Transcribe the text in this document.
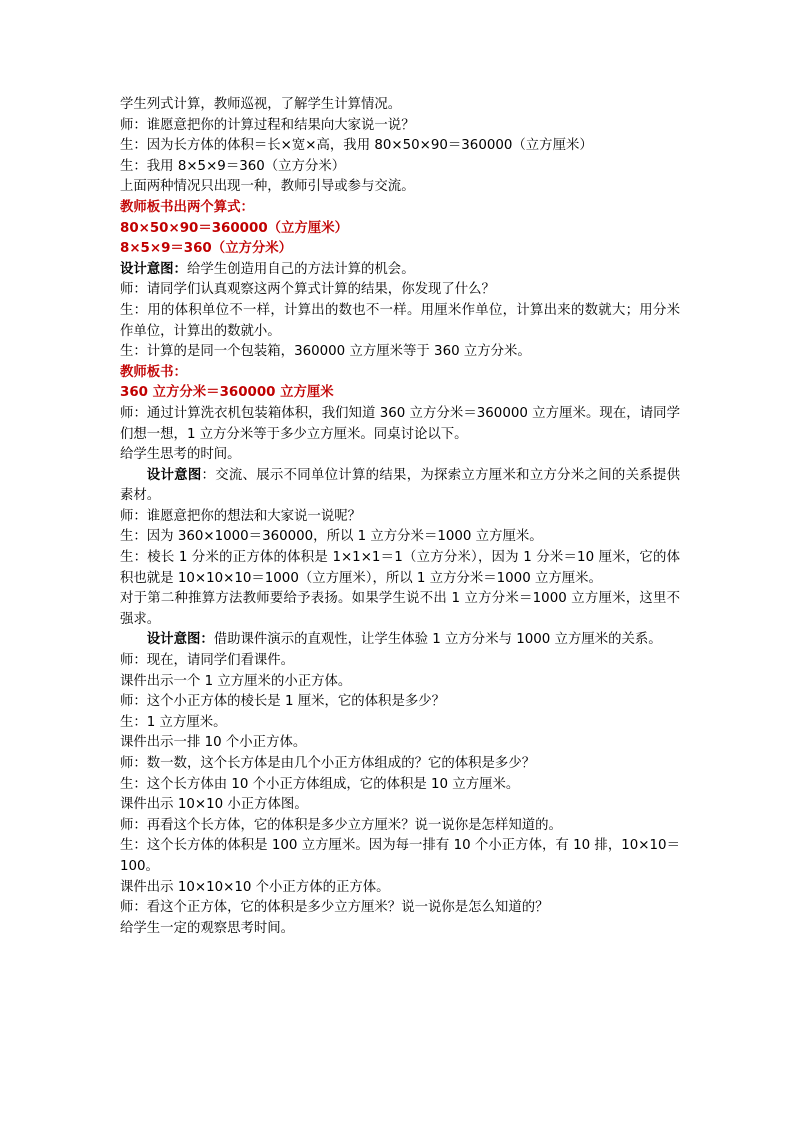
学生列式计算，教师巡视，了解学生计算情况。

师：谁愿意把你的计算过程和结果向大家说一说？

生：因为长方体的体积＝长×宽×高，我用 80×50×90＝360000（立方厘米）

生：我用 8×5×9＝360（立方分米）

上面两种情况只出现一种，教师引导或参与交流。

教师板书出两个算式：

80×50×90＝360000（立方厘米）

8×5×9＝360（立方分米）

设计意图：给学生创造用自己的方法计算的机会。

师：请同学们认真观察这两个算式计算的结果，你发现了什么？

生：用的体积单位不一样，计算出的数也不一样。用厘米作单位，计算出来的数就大；用分米作单位，计算出的数就小。

生：计算的是同一个包装箱，360000 立方厘米等于 360 立方分米。

教师板书：

360 立方分米＝360000 立方厘米

师：通过计算洗衣机包装箱体积，我们知道 360 立方分米＝360000 立方厘米。现在，请同学们想一想，1 立方分米等于多少立方厘米。同桌讨论以下。

给学生思考的时间。

设计意图：交流、展示不同单位计算的结果，为探索立方厘米和立方分米之间的关系提供素材。

师：谁愿意把你的想法和大家说一说呢？

生：因为 360×1000＝360000，所以 1 立方分米＝1000 立方厘米。

生：棱长 1 分米的正方体的体积是 1×1×1＝1（立方分米），因为 1 分米＝10 厘米，它的体积也就是 10×10×10＝1000（立方厘米），所以 1 立方分米＝1000 立方厘米。

对于第二种推算方法教师要给予表扬。如果学生说不出 1 立方分米＝1000 立方厘米，这里不强求。

设计意图：借助课件演示的直观性，让学生体验 1 立方分米与 1000 立方厘米的关系。

师：现在，请同学们看课件。

课件出示一个 1 立方厘米的小正方体。

师：这个小正方体的棱长是 1 厘米，它的体积是多少？

生：1 立方厘米。

课件出示一排 10 个小正方体。

师：数一数，这个长方体是由几个小正方体组成的？它的体积是多少？

生：这个长方体由 10 个小正方体组成，它的体积是 10 立方厘米。

课件出示 10×10 小正方体图。

师：再看这个长方体，它的体积是多少立方厘米？说一说你是怎样知道的。

生：这个长方体的体积是 100 立方厘米。因为每一排有 10 个小正方体，有 10 排，10×10＝100。

课件出示 10×10×10 个小正方体的正方体。

师：看这个正方体，它的体积是多少立方厘米？说一说你是怎么知道的？

给学生一定的观察思考时间。
